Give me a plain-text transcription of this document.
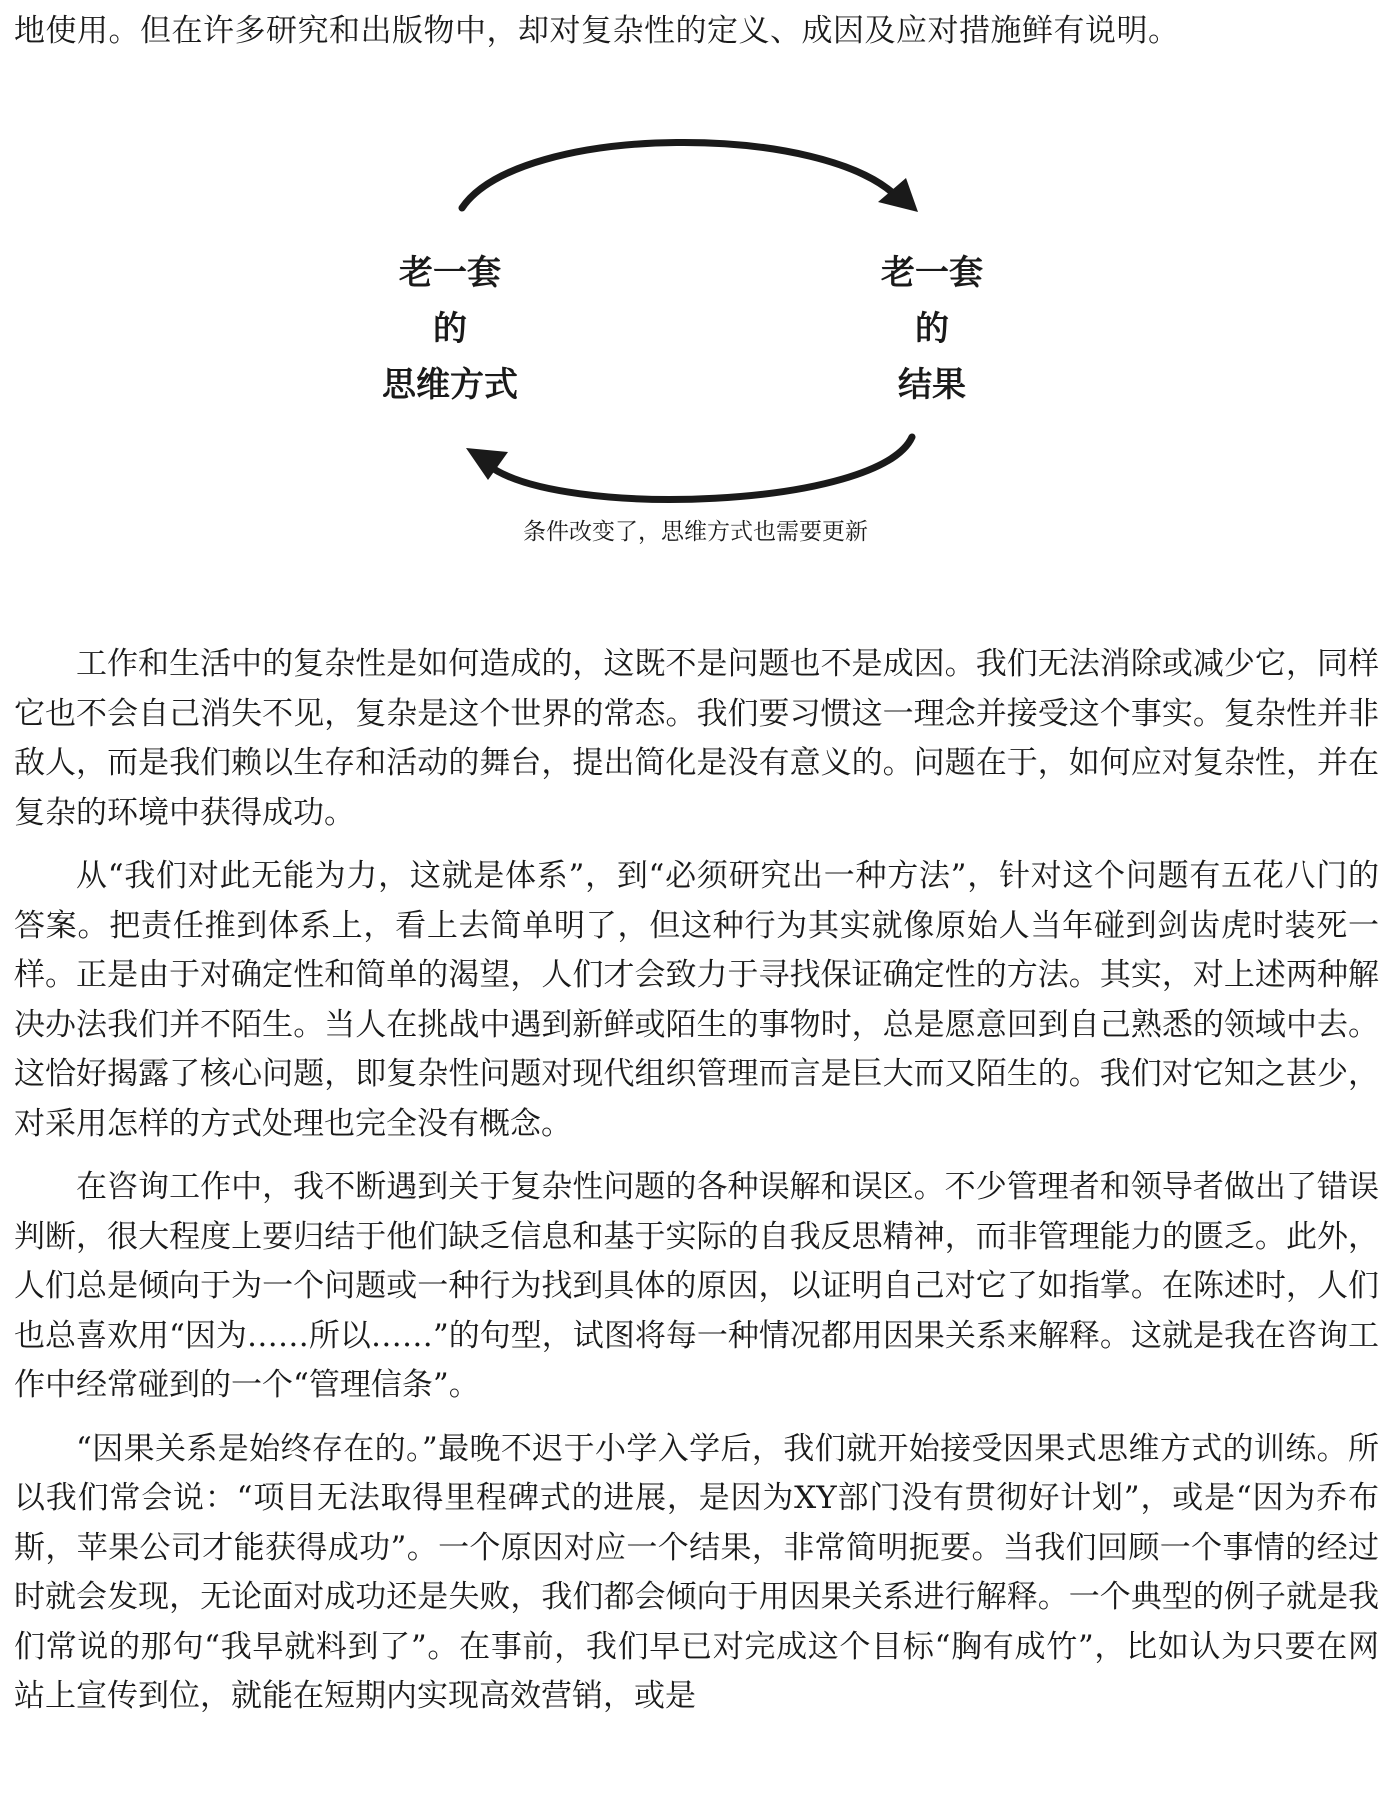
地使用。但在许多研究和出版物中，却对复杂性的定义、成因及应对措施鲜有说明。
老一套
的
思维方式
老一套
的
结果
条件改变了，思维方式也需要更新

工作和生活中的复杂性是如何造成的，这既不是问题也不是成因。我们无法消除或减少它，同样它也不会自己消失不见，复杂是这个世界的常态。我们要习惯这一理念并接受这个事实。复杂性并非敌人，而是我们赖以生存和活动的舞台，提出简化是没有意义的。问题在于，如何应对复杂性，并在复杂的环境中获得成功。

从“我们对此无能为力，这就是体系”，到“必须研究出一种方法”，针对这个问题有五花八门的答案。把责任推到体系上，看上去简单明了，但这种行为其实就像原始人当年碰到剑齿虎时装死一样。正是由于对确定性和简单的渴望，人们才会致力于寻找保证确定性的方法。其实，对上述两种解决办法我们并不陌生。当人在挑战中遇到新鲜或陌生的事物时，总是愿意回到自己熟悉的领域中去。这恰好揭露了核心问题，即复杂性问题对现代组织管理而言是巨大而又陌生的。我们对它知之甚少，对采用怎样的方式处理也完全没有概念。

在咨询工作中，我不断遇到关于复杂性问题的各种误解和误区。不少管理者和领导者做出了错误判断，很大程度上要归结于他们缺乏信息和基于实际的自我反思精神，而非管理能力的匮乏。此外，人们总是倾向于为一个问题或一种行为找到具体的原因，以证明自己对它了如指掌。在陈述时，人们也总喜欢用“因为……所以……”的句型，试图将每一种情况都用因果关系来解释。这就是我在咨询工作中经常碰到的一个“管理信条”。

“因果关系是始终存在的。”最晚不迟于小学入学后，我们就开始接受因果式思维方式的训练。所以我们常会说：“项目无法取得里程碑式的进展，是因为XY部门没有贯彻好计划”，或是“因为乔布斯，苹果公司才能获得成功”。一个原因对应一个结果，非常简明扼要。当我们回顾一个事情的经过时就会发现，无论面对成功还是失败，我们都会倾向于用因果关系进行解释。一个典型的例子就是我们常说的那句“我早就料到了”。在事前，我们早已对完成这个目标“胸有成竹”，比如认为只要在网站上宣传到位，就能在短期内实现高效营销，或是
